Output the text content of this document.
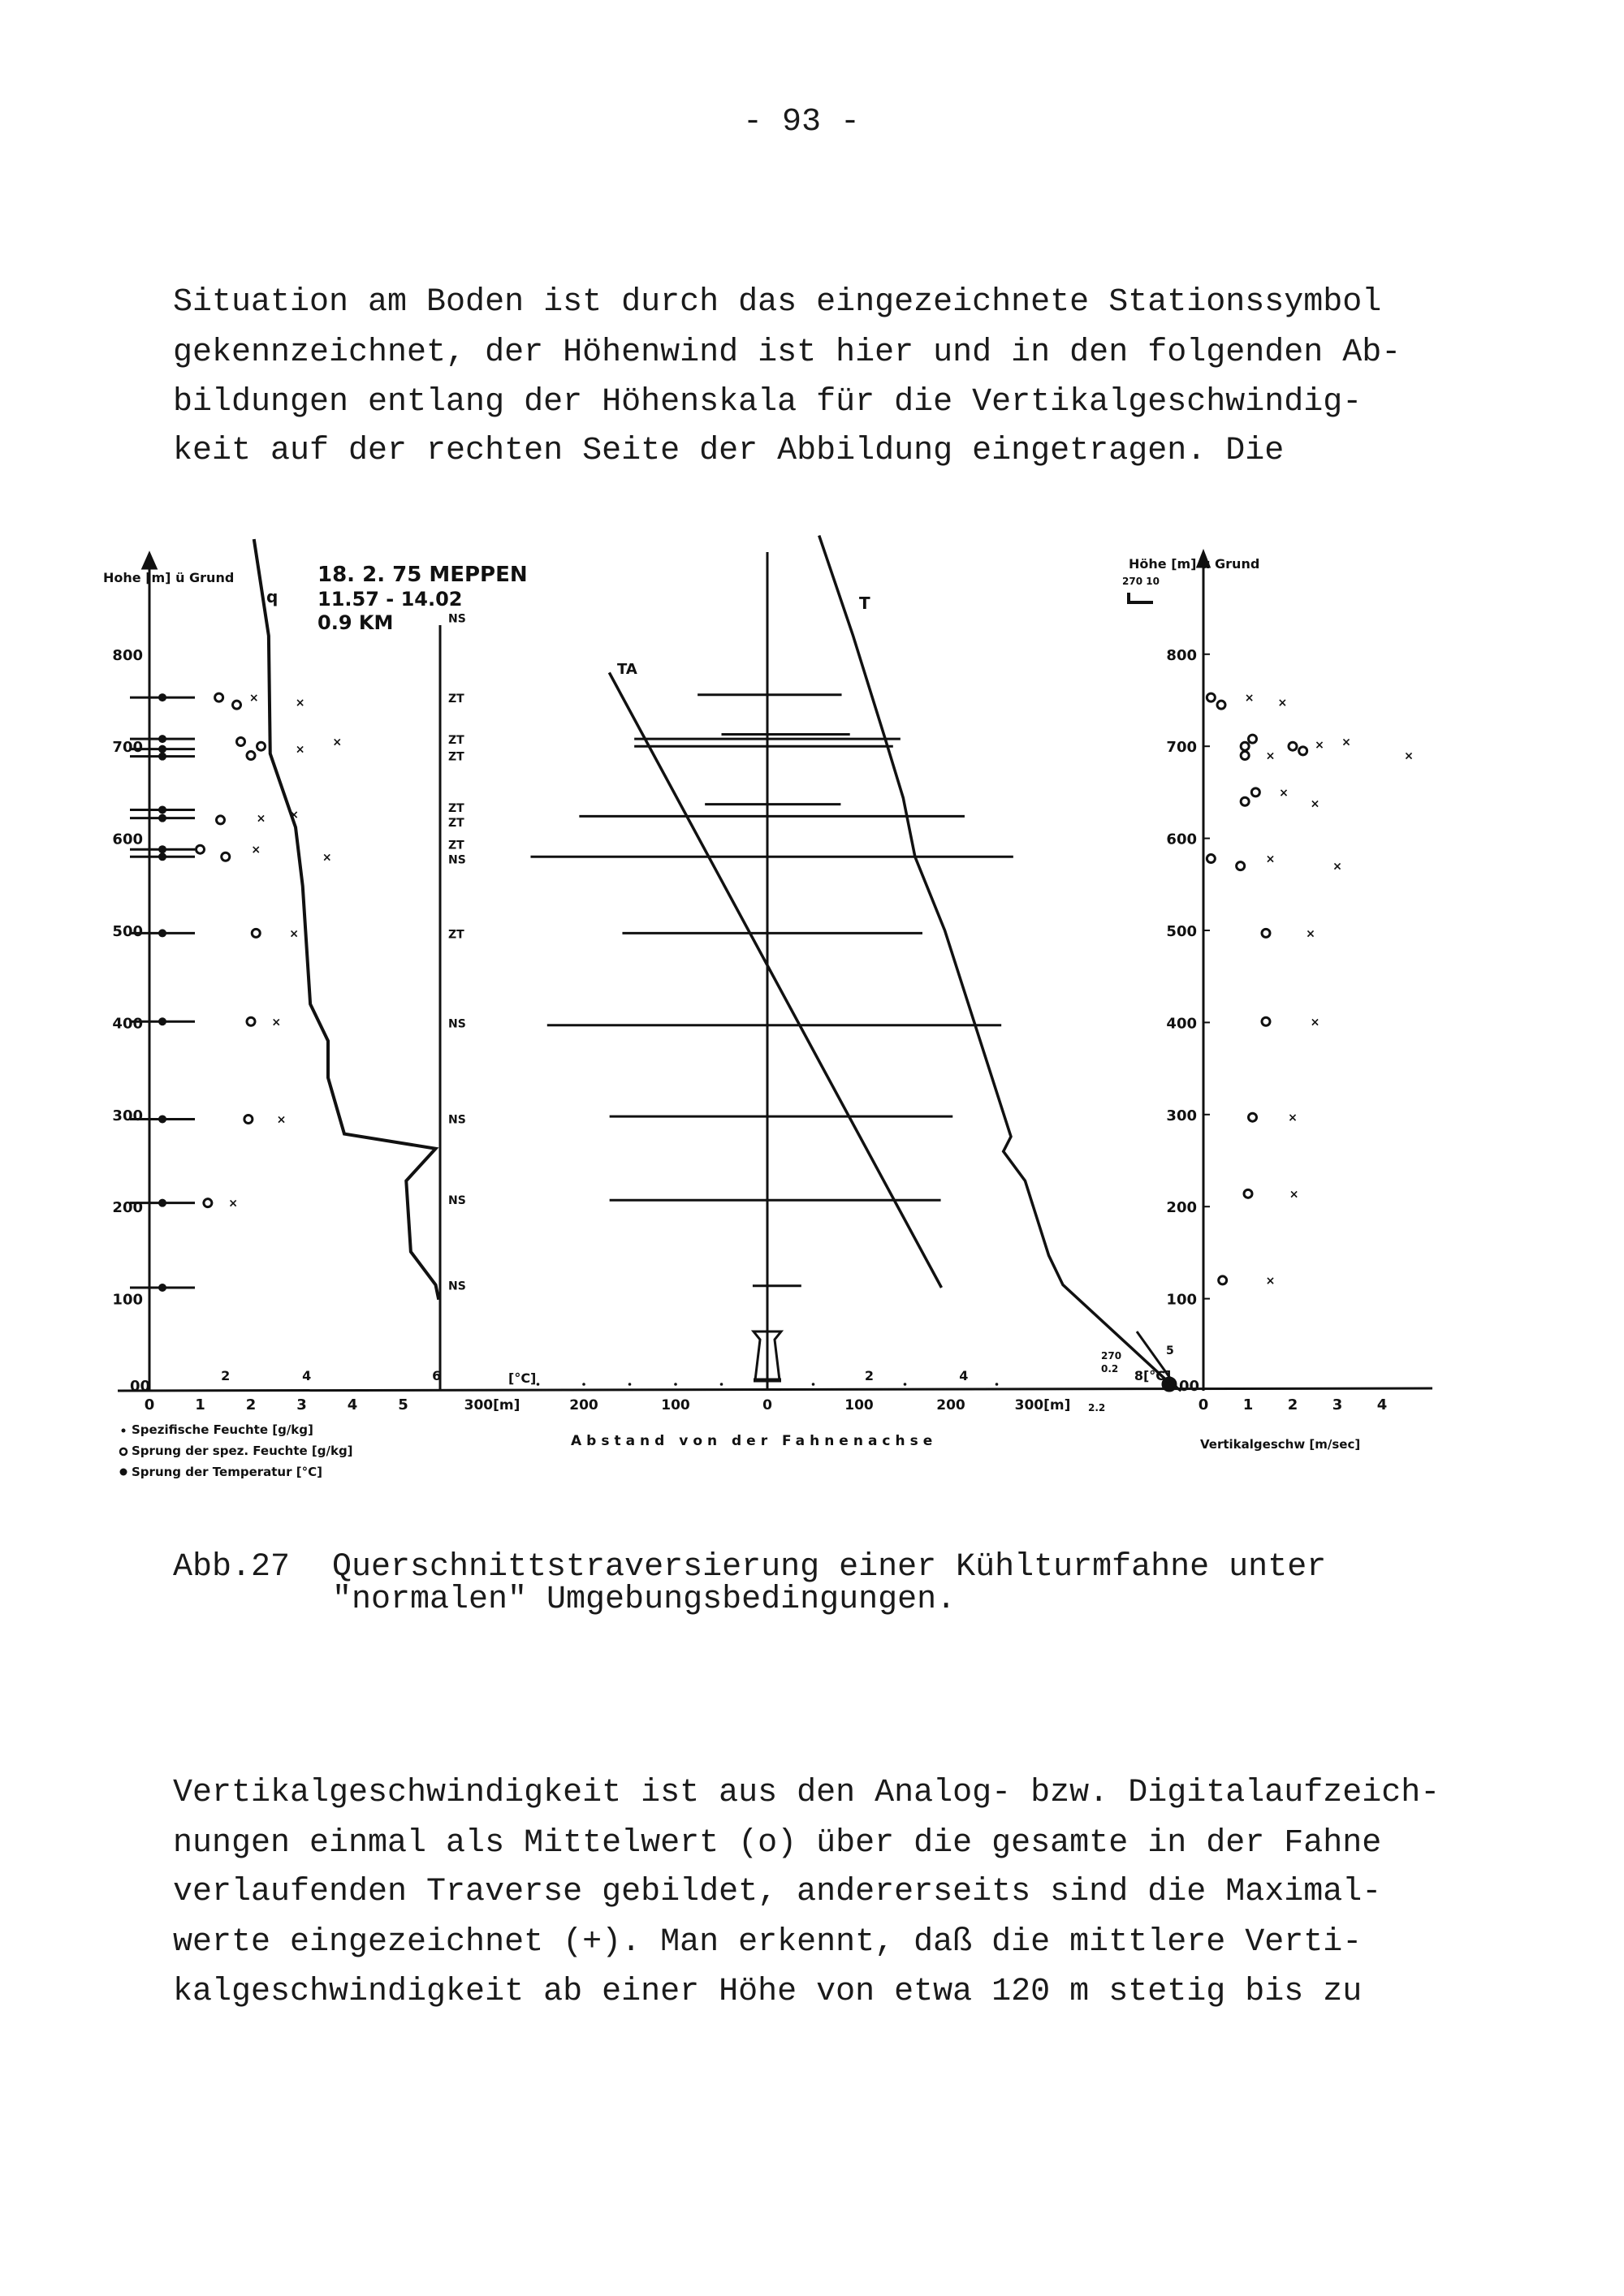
- 93 -
Situation am Boden ist durch das eingezeichnete Stationssymbol
gekennzeichnet, der Höhenwind ist hier und in den folgenden Ab-
bildungen entlang der Höhenskala für die Vertikalgeschwindig-
keit auf der rechten Seite der Abbildung eingetragen. Die
×	×
×
×
× ×
×
×
×
×
×
×
× ×
×
× ×
×
×
×
×
×
×
×
×
×
×
18. 2. 75 MEPPEN
11.57 - 14.02
0.9 KM
Hohe [m] ü Grund
Höhe [m] u Grund
270 10
q	T
TA
00	[°C]
270
0.2
2.2
5
00
Abstand von der Fahnenachse	Vertikalgeschw [m/sec]
Spezifische Feuchte [g/kg]
Sprung der spez. Feuchte [g/kg]
Sprung der Temperatur [°C]
100	100
200	200
300	300
400	400
500	500
600	600
700	700
800	800
0	1	2	3	4	5
2	4	6
300[m]	200	100	0	100	200	300[m]
2	4	8[°C]
0 1 2 3 4
NS
ZT
ZT
ZT
ZT
ZT
ZT
NS
ZT
NS
NS
NS
NS
Abb.27 Querschnittstraversierung einer Kühlturmfahne unter
"normalen" Umgebungsbedingungen.
Vertikalgeschwindigkeit ist aus den Analog- bzw. Digitalaufzeich-
nungen einmal als Mittelwert (o) über die gesamte in der Fahne
verlaufenden Traverse gebildet, andererseits sind die Maximal-
werte eingezeichnet (+). Man erkennt, daß die mittlere Verti-
kalgeschwindigkeit ab einer Höhe von etwa 120 m stetig bis zu
